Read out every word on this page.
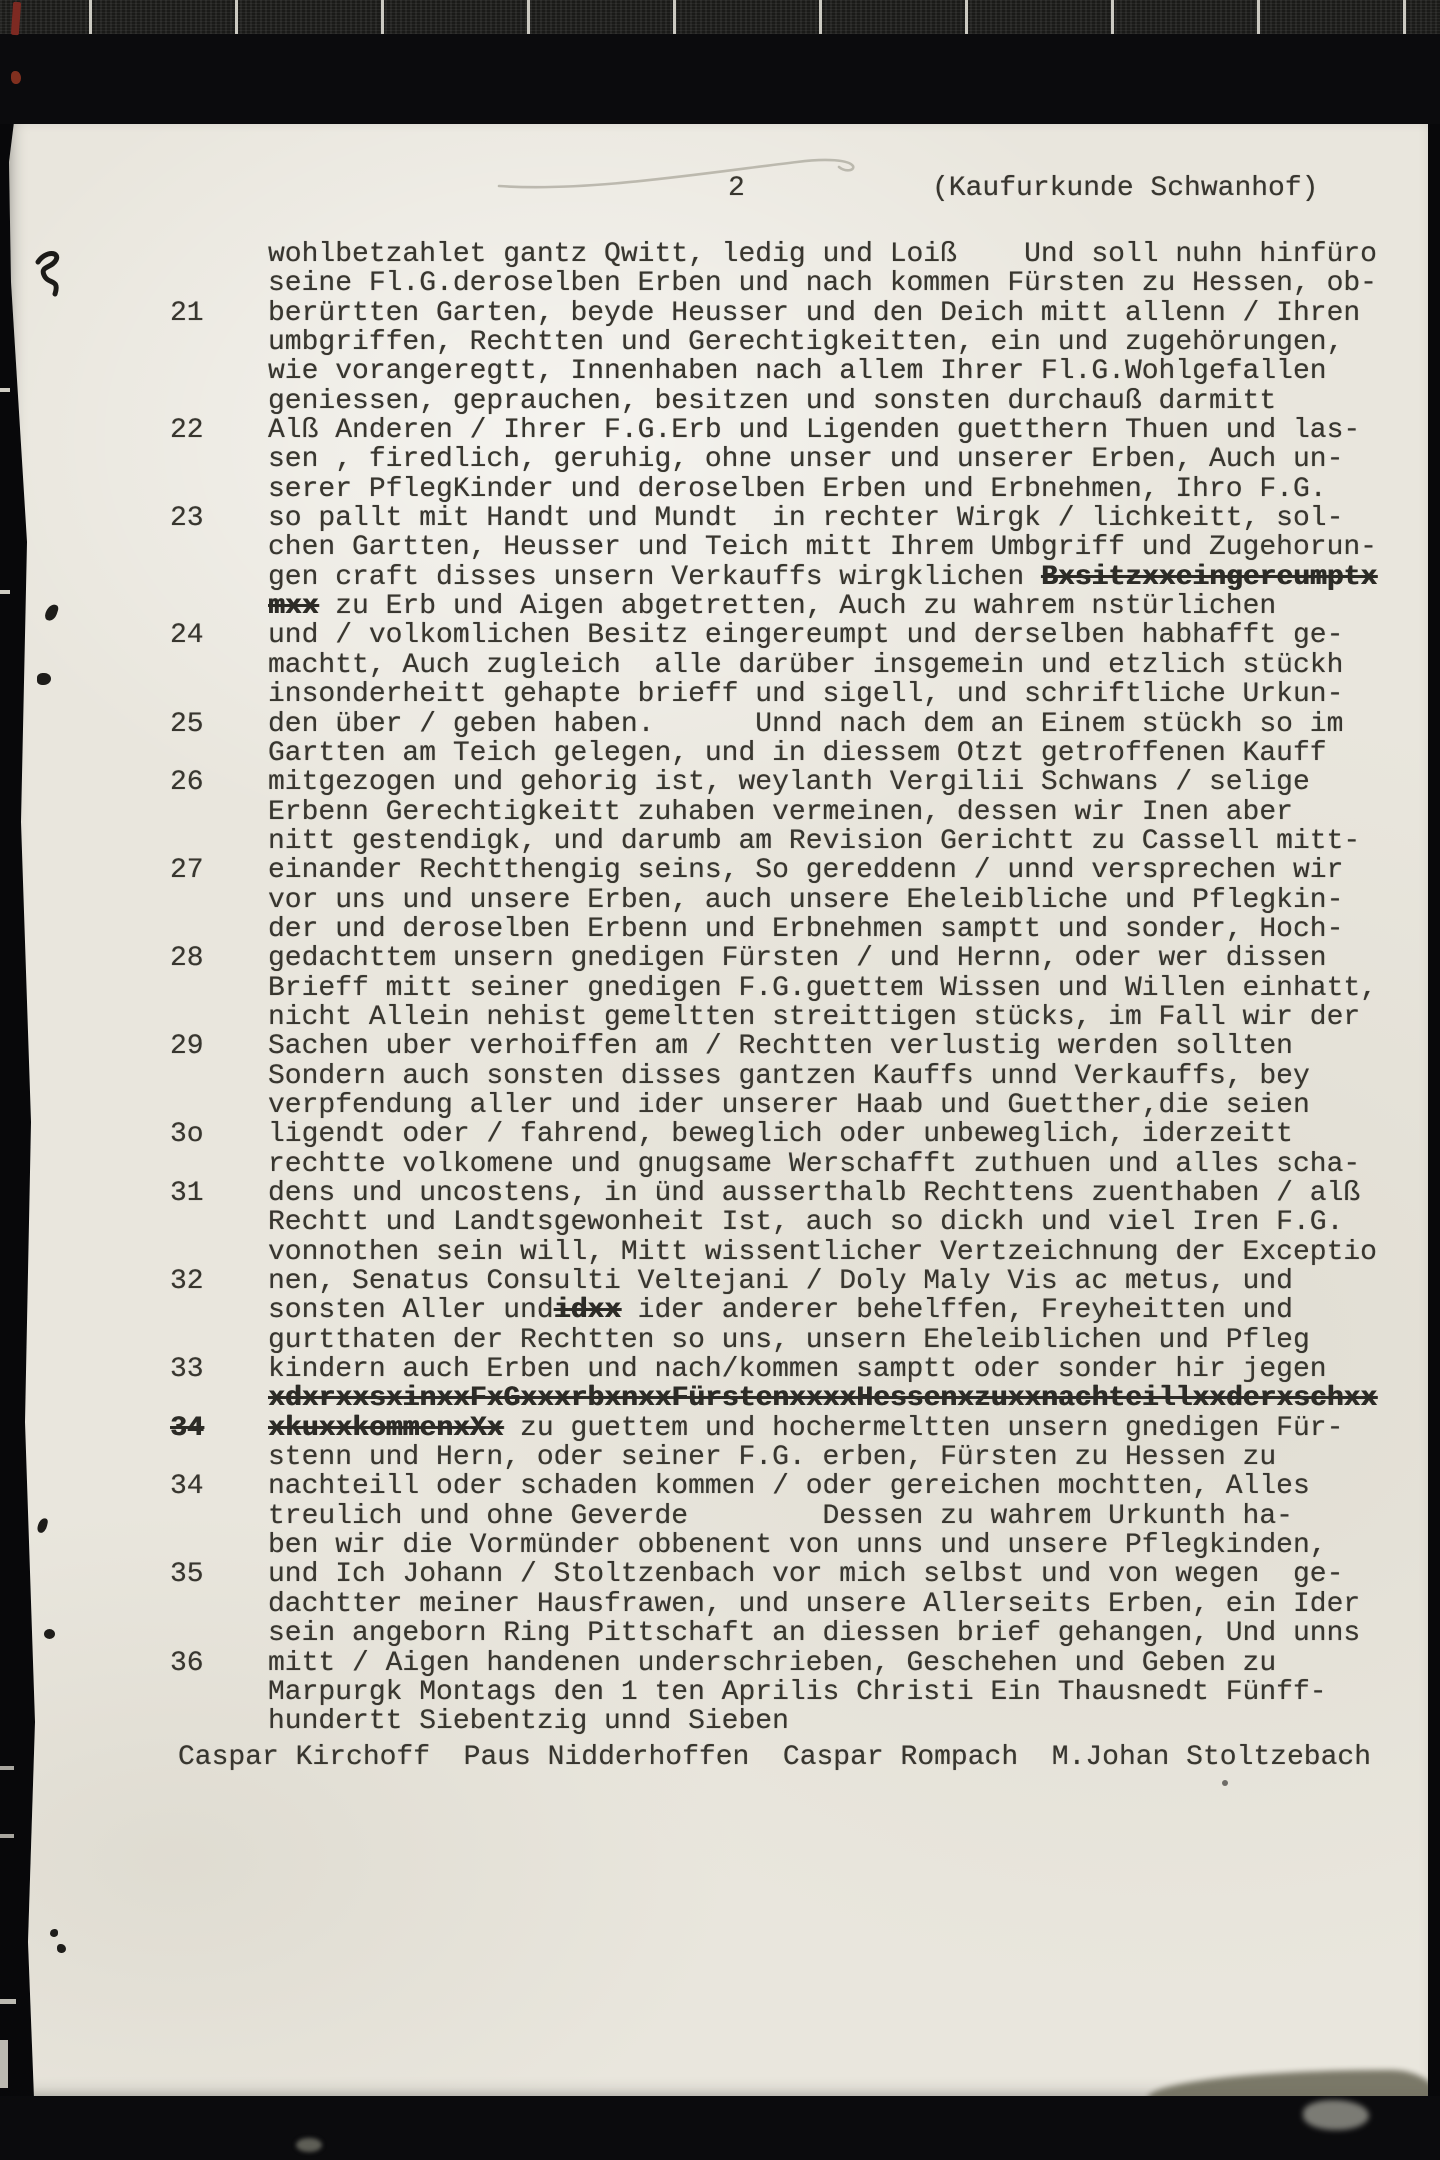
2	(Kaufurkunde Schwanhof)
wohlbetzahlet gantz Qwitt, ledig und Loiß    Und soll nuhn hinfüro
seine Fl.G.deroselben Erben und nach kommen Fürsten zu Hessen, ob-
21 berürtten Garten, beyde Heusser und den Deich mitt allenn / Ihren
umbgriffen, Rechtten und Gerechtigkeitten, ein und zugehörungen,
wie vorangeregtt, Innenhaben nach allem Ihrer Fl.G.Wohlgefallen
geniessen, geprauchen, besitzen und sonsten durchauß darmitt
22 Alß Anderen / Ihrer F.G.Erb und Ligenden guetthern Thuen und las-
sen , firedlich, geruhig, ohne unser und unserer Erben, Auch un-
serer PflegKinder und deroselben Erben und Erbnehmen, Ihro F.G.
23 so pallt mit Handt und Mundt  in rechter Wirgk / lichkeitt, sol-
chen Gartten, Heusser und Teich mitt Ihrem Umbgriff und Zugehorun-
gen craft disses unsern Verkauffs wirgklichen Bxsitzxxeingereumptx
mxx zu Erb und Aigen abgetretten, Auch zu wahrem nstürlichen
24 und / volkomlichen Besitz eingereumpt und derselben habhafft ge-
machtt, Auch zugleich  alle darüber insgemein und etzlich stückh
insonderheitt gehapte brieff und sigell, und schriftliche Urkun-
25 den über / geben haben.      Unnd nach dem an Einem stückh so im
Gartten am Teich gelegen, und in diessem Otzt getroffenen Kauff
26 mitgezogen und gehorig ist, weylanth Vergilii Schwans / selige
Erbenn Gerechtigkeitt zuhaben vermeinen, dessen wir Inen aber
nitt gestendigk, und darumb am Revision Gerichtt zu Cassell mitt-
27 einander Rechtthengig seins, So gereddenn / unnd versprechen wir
vor uns und unsere Erben, auch unsere Eheleibliche und Pflegkin-
der und deroselben Erbenn und Erbnehmen samptt und sonder, Hoch-
28 gedachttem unsern gnedigen Fürsten / und Hernn, oder wer dissen
Brieff mitt seiner gnedigen F.G.guettem Wissen und Willen einhatt,
nicht Allein nehist gemeltten streittigen stücks, im Fall wir der
29 Sachen uber verhoiffen am / Rechtten verlustig werden sollten
Sondern auch sonsten disses gantzen Kauffs unnd Verkauffs, bey
verpfendung aller und ider unserer Haab und Guetther,die seien
3o ligendt oder / fahrend, beweglich oder unbeweglich, iderzeitt
rechtte volkomene und gnugsame Werschafft zuthuen und alles scha-
31 dens und uncostens, in ünd ausserthalb Rechttens zuenthaben / alß
Rechtt und Landtsgewonheit Ist, auch so dickh und viel Iren F.G.
vonnothen sein will, Mitt wissentlicher Vertzeichnung der Exceptio
32 nen, Senatus Consulti Veltejani / Doly Maly Vis ac metus, und
sonsten Aller undidxx ider anderer behelffen, Freyheitten und
gurtthaten der Rechtten so uns, unsern Eheleiblichen und Pfleg
33 kindern auch Erben und nach/kommen samptt oder sonder hir jegen
xdxrxxsxinxxFxGxxxrbxnxxFürstenxxxxHessenxzuxxnachteillxxderxschxx
34 xkuxxkommenxXx zu guettem und hochermeltten unsern gnedigen Für-
stenn und Hern, oder seiner F.G. erben, Fürsten zu Hessen zu
34 nachteill oder schaden kommen / oder gereichen mochtten, Alles
treulich und ohne Geverde        Dessen zu wahrem Urkunth ha-
ben wir die Vormünder obbenent von unns und unsere Pflegkinden,
35 und Ich Johann / Stoltzenbach vor mich selbst und von wegen  ge-
dachtter meiner Hausfrawen, und unsere Allerseits Erben, ein Ider
sein angeborn Ring Pittschaft an diessen brief gehangen, Und unns
36 mitt / Aigen handenen underschrieben, Geschehen und Geben zu
Marpurgk Montags den 1 ten Aprilis Christi Ein Thausnedt Fünff-
hundertt Siebentzig unnd Sieben
Caspar Kirchoff  Paus Nidderhoffen  Caspar Rompach  M.Johan Stoltzebach
